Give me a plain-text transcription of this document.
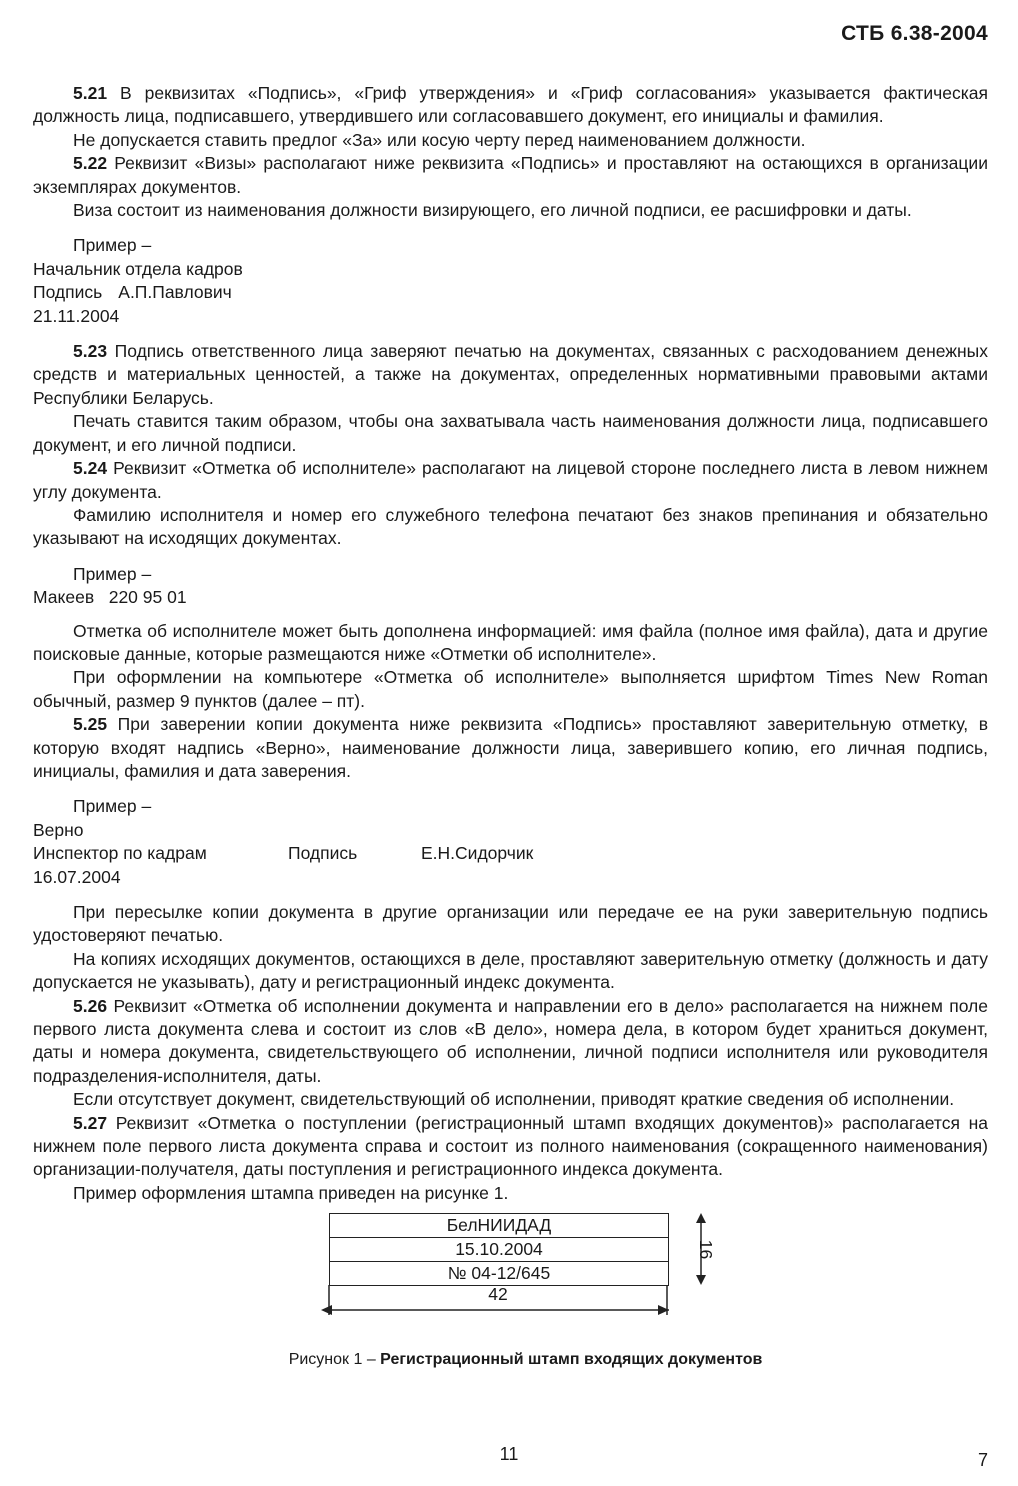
СТБ 6.38-2004

5.21 В реквизитах «Подпись», «Гриф утверждения» и «Гриф согласования» указывается фактическая должность лица, подписавшего, утвердившего или согласовавшего документ, его инициалы и фамилия.

Не допускается ставить предлог «За» или косую черту перед наименованием должности.

5.22 Реквизит «Визы» располагают ниже реквизита «Подпись» и проставляют на остающихся в организации экземплярах документов.

Виза состоит из наименования должности визирующего, его личной подписи, ее расшифровки и даты.

Пример –
Начальник отдела кадров
Подпись А.П.Павлович
21.11.2004

5.23 Подпись ответственного лица заверяют печатью на документах, связанных с расходованием денежных средств и материальных ценностей, а также на документах, определенных нормативными правовыми актами Республики Беларусь.

Печать ставится таким образом, чтобы она захватывала часть наименования должности лица, подписавшего документ, и его личной подписи.

5.24 Реквизит «Отметка об исполнителе» располагают на лицевой стороне последнего листа в левом нижнем углу документа.

Фамилию исполнителя и номер его служебного телефона печатают без знаков препинания и обязательно указывают на исходящих документах.

Пример –
Макеев   220 95 01

Отметка об исполнителе может быть дополнена информацией: имя файла (полное имя файла), дата и другие поисковые данные, которые размещаются ниже «Отметки об исполнителе».

При оформлении на компьютере «Отметка об исполнителе» выполняется шрифтом Times New Roman обычный, размер 9 пунктов (далее – пт).

5.25 При заверении копии документа ниже реквизита «Подпись» проставляют заверительную отметку, в которую входят надпись «Верно», наименование должности лица, заверившего копию, его личная подпись, инициалы, фамилия и дата заверения.

Пример –
Верно
Инспектор по кадрам	Подпись	Е.Н.Сидорчик
16.07.2004

При пересылке копии документа в другие организации или передаче ее на руки заверительную подпись удостоверяют печатью.

На копиях исходящих документов, остающихся в деле, проставляют заверительную отметку (должность и дату допускается не указывать), дату и регистрационный индекс документа.

5.26 Реквизит «Отметка об исполнении документа и направлении его в дело» располагается на нижнем поле первого листа документа слева и состоит из слов «В дело», номера дела, в котором будет храниться документ, даты и номера документа, свидетельствующего об исполнении, личной подписи исполнителя или руководителя подразделения-исполнителя, даты.

Если отсутствует документ, свидетельствующий об исполнении, приводят краткие сведения об исполнении.

5.27 Реквизит «Отметка о поступлении (регистрационный штамп входящих документов)» располагается на нижнем поле первого листа документа справа и состоит из полного наименования (сокращенного наименования) организации-получателя, даты поступления и регистрационного индекса документа.

Пример оформления штампа приведен на рисунке 1.

БелНИИДАД
15.10.2004
№ 04-12/645
42
16
Рисунок 1 – Регистрационный штамп входящих документов
11	7
